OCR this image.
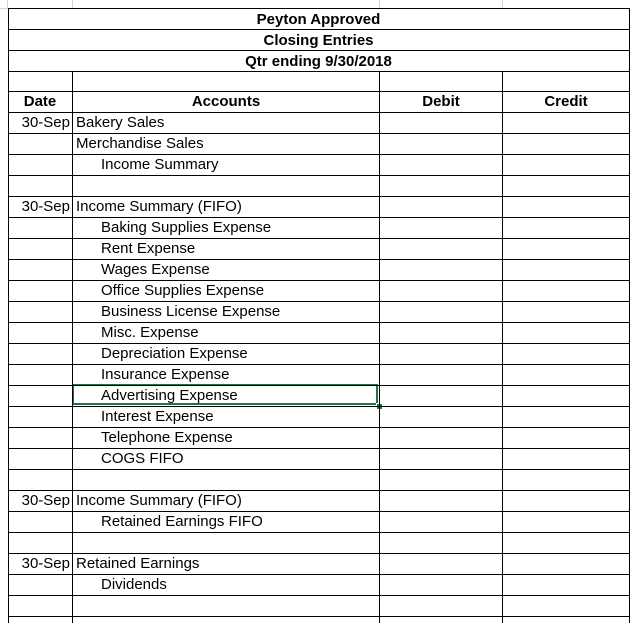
Peyton Approved
Closing Entries
Qtr ending 9/30/2018
Date	Accounts	Debit	Credit
30-Sep Bakery Sales
Merchandise Sales
Income Summary
30-Sep Income Summary (FIFO)
Baking Supplies Expense
Rent Expense
Wages Expense
Office Supplies Expense
Business License Expense
Misc. Expense
Depreciation Expense
Insurance Expense
Advertising Expense
Interest Expense
Telephone Expense
COGS FIFO
30-Sep Income Summary (FIFO)
Retained Earnings FIFO
30-Sep Retained Earnings
Dividends
